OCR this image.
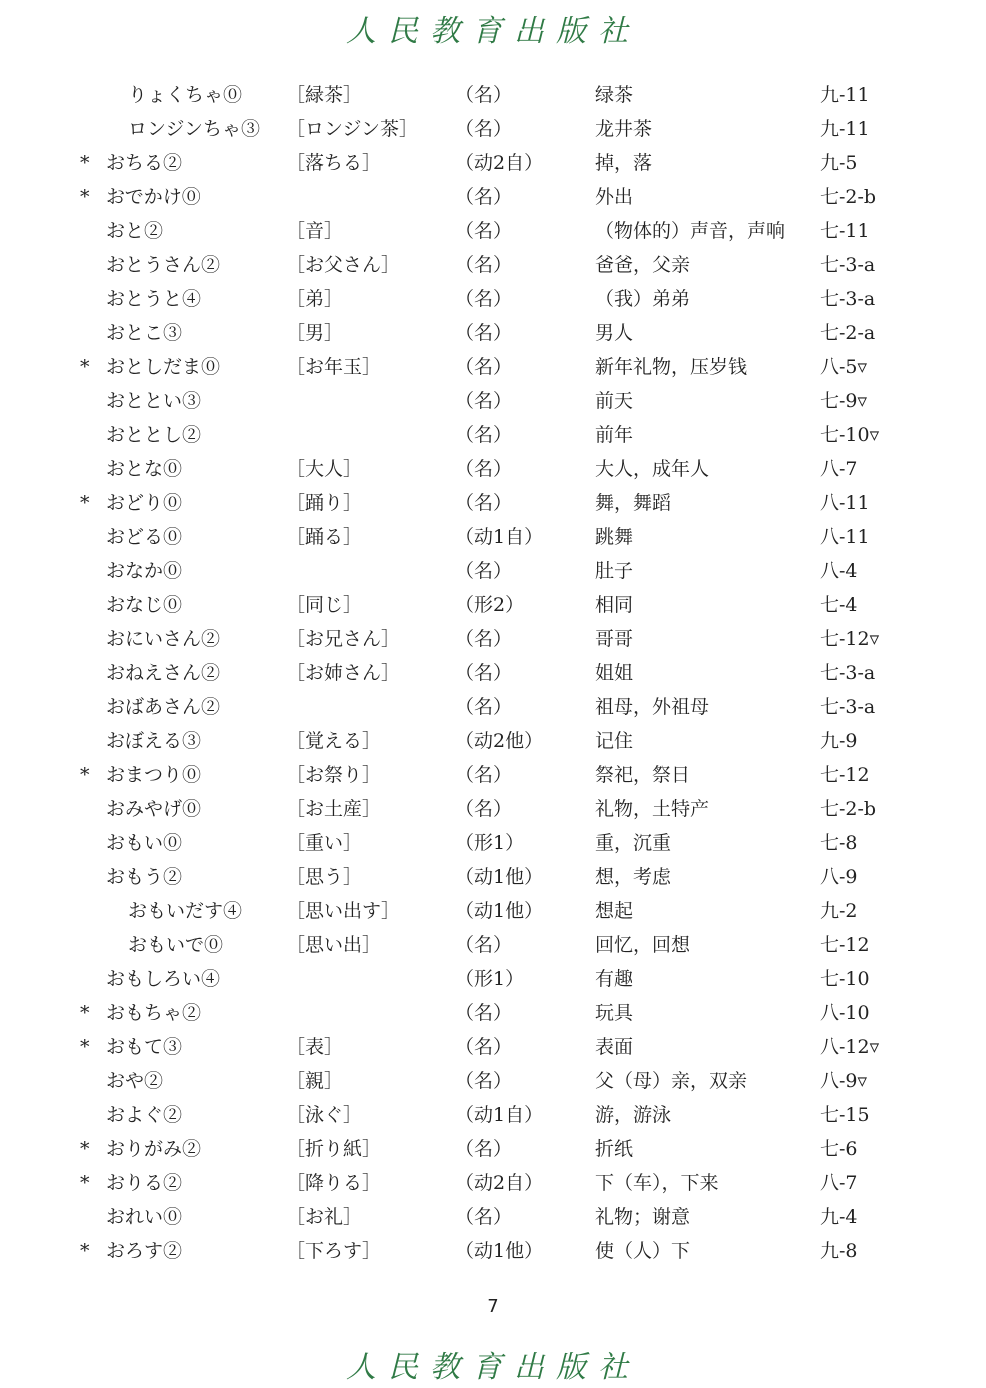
人民教育出版社
りょくちゃ⓪ ［緑茶］	（名）	绿茶	九-11
ロンジンちゃ③ ［ロンジン茶］ （名）	龙井茶	九-11
* おちる②	［落ちる］	（动2自）	掉，落	九-5
* おでかけ⓪	（名）	外出	七-2-b
おと②	［音］	（名）	（物体的）声音，声响 七-11
おとうさん②	［お父さん］	（名）	爸爸，父亲	七-3-a
おとうと④	［弟］	（名）	（我）弟弟	七-3-a
おとこ③	［男］	（名）	男人	七-2-a
* おとしだま⓪	［お年玉］	（名）	新年礼物，压岁钱	八-5▿
おととい③	（名）	前天	七-9▿
おととし②	（名）	前年	七-10▿
おとな⓪	［大人］	（名）	大人，成年人	八-7
* おどり⓪	［踊り］	（名）	舞，舞蹈	八-11
おどる⓪	［踊る］	（动1自）	跳舞	八-11
おなか⓪	（名）	肚子	八-4
おなじ⓪	［同じ］	（形2）	相同	七-4
おにいさん②	［お兄さん］	（名）	哥哥	七-12▿
おねえさん②	［お姉さん］	（名）	姐姐	七-3-a
おばあさん②	（名）	祖母，外祖母	七-3-a
おぼえる③	［覚える］	（动2他）	记住	九-9
* おまつり⓪	［お祭り］	（名）	祭祀，祭日	七-12
おみやげ⓪	［お土産］	（名）	礼物，土特产	七-2-b
おもい⓪	［重い］	（形1）	重，沉重	七-8
おもう②	［思う］	（动1他）	想，考虑	八-9
おもいだす④ ［思い出す］	（动1他）	想起	九-2
おもいで⓪	［思い出］	（名）	回忆，回想	七-12
おもしろい④	（形1）	有趣	七-10
* おもちゃ②	（名）	玩具	八-10
* おもて③	［表］	（名）	表面	八-12▿
おや②	［親］	（名）	父（母）亲，双亲	八-9▿
およぐ②	［泳ぐ］	（动1自）	游，游泳	七-15
* おりがみ②	［折り紙］	（名）	折纸	七-6
* おりる②	［降りる］	（动2自）	下（车），下来	八-7
おれい⓪	［お礼］	（名）	礼物；谢意	九-4
* おろす②	［下ろす］	（动1他）	使（人）下	九-8
7
人民教育出版社
